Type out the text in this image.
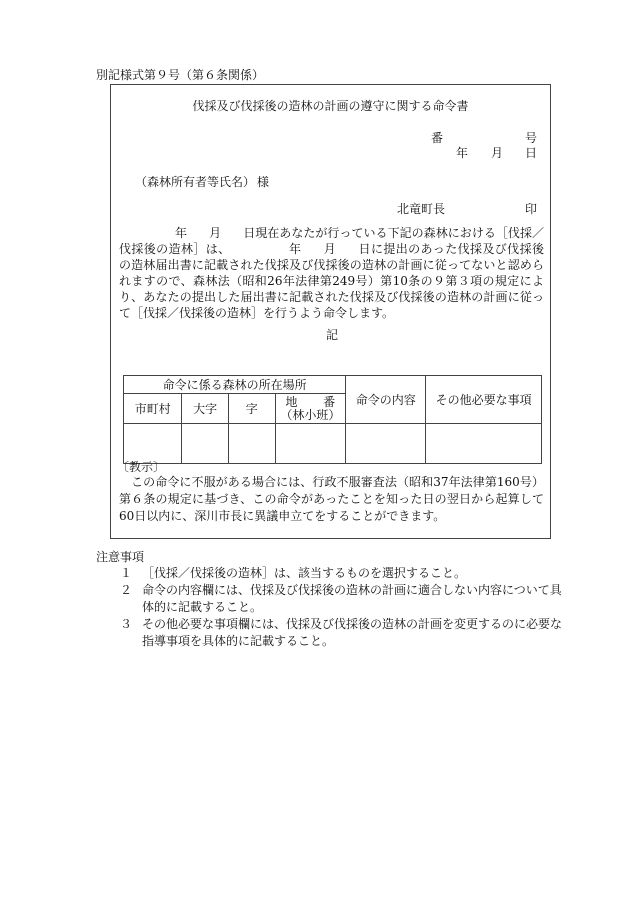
別記様式第９号（第６条関係）
伐採及び伐採後の造林の計画の遵守に関する命令書
番	号
年 月 日
（森林所有者等氏名） 様
北竜町長	印
年 月 日現在あなたが行っている下記の森林における［伐採／伐採後の造林］は、	年 月 日に提出のあった伐採及び伐採後の造林届出書に記載された伐採及び伐採後の造林の計画に従ってないと認められますので、森林法（昭和26年法律第249号）第10条の９第３項の規定により、あなたの提出した届出書に記載された伐採及び伐採後の造林の計画に従って［伐採／伐採後の造林］を行うよう命令します。
記
命令に係る森林の所在場所				命令の内容	その他必要な事項
市町村	大字	字	地 番
（林小班）		

〔教示〕
この命令に不服がある場合には、行政不服審査法（昭和37年法律第160号）第６条の規定に基づき、この命令があったことを知った日の翌日から起算して60日以内に、深川市長に異議申立てをすることができます。
注意事項
１ ［伐採／伐採後の造林］は、該当するものを選択すること。
２ 命令の内容欄には、伐採及び伐採後の造林の計画に適合しない内容について具体的に記載すること。
３ その他必要な事項欄には、伐採及び伐採後の造林の計画を変更するのに必要な指導事項を具体的に記載すること。
